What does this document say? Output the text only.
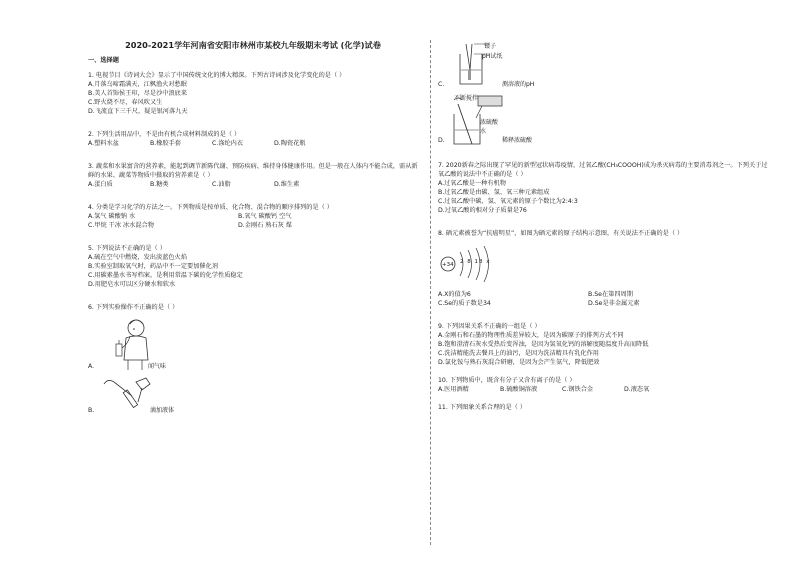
2020-2021学年河南省安阳市林州市某校九年级期末考试 (化学)试卷
一、选择题
1. 电视节目《诗词大会》显示了中国传统文化的博大精深。下列古诗词涉及化学变化的是（ ）
A.月落乌啼霜满天，江枫渔火对愁眠
B.美人首饰侯王印，尽是沙中浪底来
C.野火烧不尽，春风吹又生
D.飞流直下三千尺，疑是银河落九天
2. 下列生活用品中，不是由有机合成材料制成的是（ ）
A.塑料水盆	B.橡胶手套	C.涤纶内衣	D.陶瓷花瓶
3. 蔬菜和水果富含的营养素，能起到调节新陈代谢、预防疾病、维持身体健康作用。但是一般在人体内不能合成，需从新鲜的水果、蔬菜等物质中摄取的营养素是（ ）
A.蛋白质	B.糖类	C.油脂	D.维生素
4. 分类是学习化学的方法之一。下列物质是按单质、化合物、混合物的顺序排列的是（ ）
A.氢气 碳酸钠 水	B.氧气 碳酸钙 空气
C.甲烷 干冰 冰水混合物	D.金刚石 熟石灰 煤
5. 下列说法不正确的是（ ）
A.硫在空气中燃烧，发出淡蓝色火焰
B.实验室制取氧气时，药品中不一定要加催化剂
C.用碳素墨水书写档案，是利用常温下碳的化学性质稳定
D.用肥皂水可以区分硬水和软水
6. 下列实验操作不正确的是（ ）
A.	闻气味
B.	滴加液体
镊子
pH试纸
C.	测溶液的pH
不断搅拌
浓硫酸
水
D.	稀释浓硫酸
7. 2020新春之际出现了罕见的新型冠状病毒疫情，过氧乙酸(CH₃COOOH)成为杀灭病毒的主要消毒剂之一。下列关于过氧乙酸的说法中不正确的是（ ）
A.过氧乙酸是一种有机物
B.过氧乙酸是由碳、氢、氧三种元素组成
C.过氧乙酸中碳、氢、氧元素的原子个数比为2:4:3
D.过氧乙酸的相对分子质量是76
8. 硒元素被誉为“抗癌明星”，如图为硒元素的原子结构示意图，有关说法不正确的是（ ）
+34 2 8 18 x
A.X的值为6	B.Se在第四周期
C.Se的质子数是34	D.Se是非金属元素
9. 下列因果关系不正确的一组是（ ）
A.金刚石和石墨的物理性质差异较大，是因为碳原子的排列方式不同
B.饱和澄清石灰水受热后变浑浊，是因为氢氧化钙的溶解度随温度升高而降低
C.洗洁精能洗去餐具上的油污，是因为洗洁精具有乳化作用
D.氯化铵与熟石灰混合研磨，是因为会产生氨气，降低肥效
10. 下列物质中，既含有分子又含有离子的是（ ）
A.医用酒精	B.硫酸铜溶液	C.钢铁合金	D.液态氧
11. 下列图象关系合理的是（ ）
